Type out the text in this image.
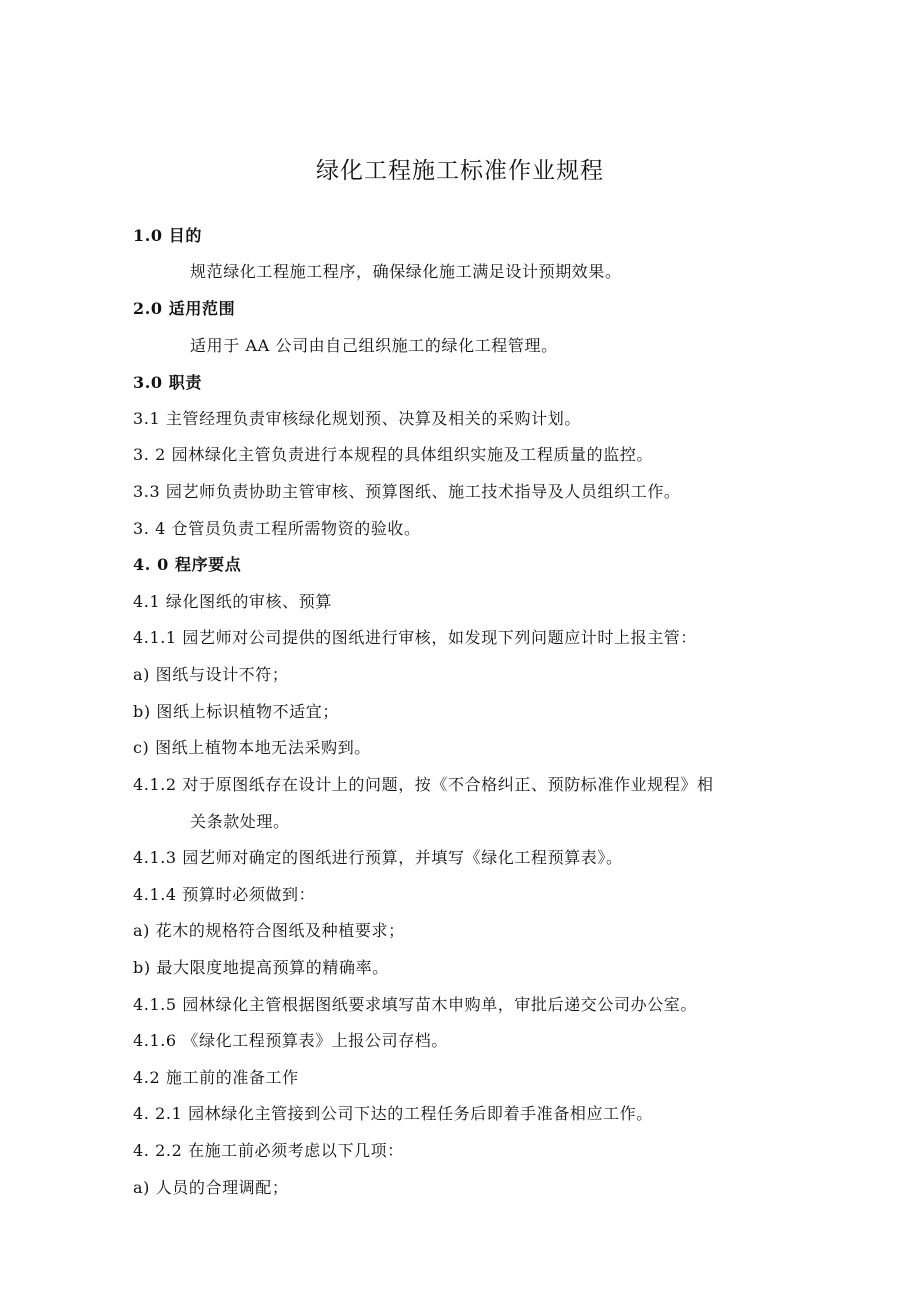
绿化工程施工标准作业规程
1.0 目的
规范绿化工程施工程序，确保绿化施工满足设计预期效果。
2.0 适用范围
适用于 AA 公司由自己组织施工的绿化工程管理。
3.0 职责
3.1 主管经理负责审核绿化规划预、决算及相关的采购计划。
3. 2 园林绿化主管负责进行本规程的具体组织实施及工程质量的监控。
3.3 园艺师负责协助主管审核、预算图纸、施工技术指导及人员组织工作。
3. 4 仓管员负责工程所需物资的验收。
4. 0 程序要点
4.1 绿化图纸的审核、预算
4.1.1 园艺师对公司提供的图纸进行审核，如发现下列问题应计时上报主管：
a) 图纸与设计不符；
b) 图纸上标识植物不适宜；
c) 图纸上植物本地无法采购到。
4.1.2 对于原图纸存在设计上的问题，按《不合格纠正、预防标准作业规程》相
关条款处理。
4.1.3 园艺师对确定的图纸进行预算，并填写《绿化工程预算表》。
4.1.4 预算时必须做到：
a) 花木的规格符合图纸及种植要求；
b) 最大限度地提高预算的精确率。
4.1.5 园林绿化主管根据图纸要求填写苗木申购单，审批后递交公司办公室。
4.1.6 《绿化工程预算表》上报公司存档。
4.2 施工前的准备工作
4. 2.1 园林绿化主管接到公司下达的工程任务后即着手准备相应工作。
4. 2.2 在施工前必须考虑以下几项：
a) 人员的合理调配；
